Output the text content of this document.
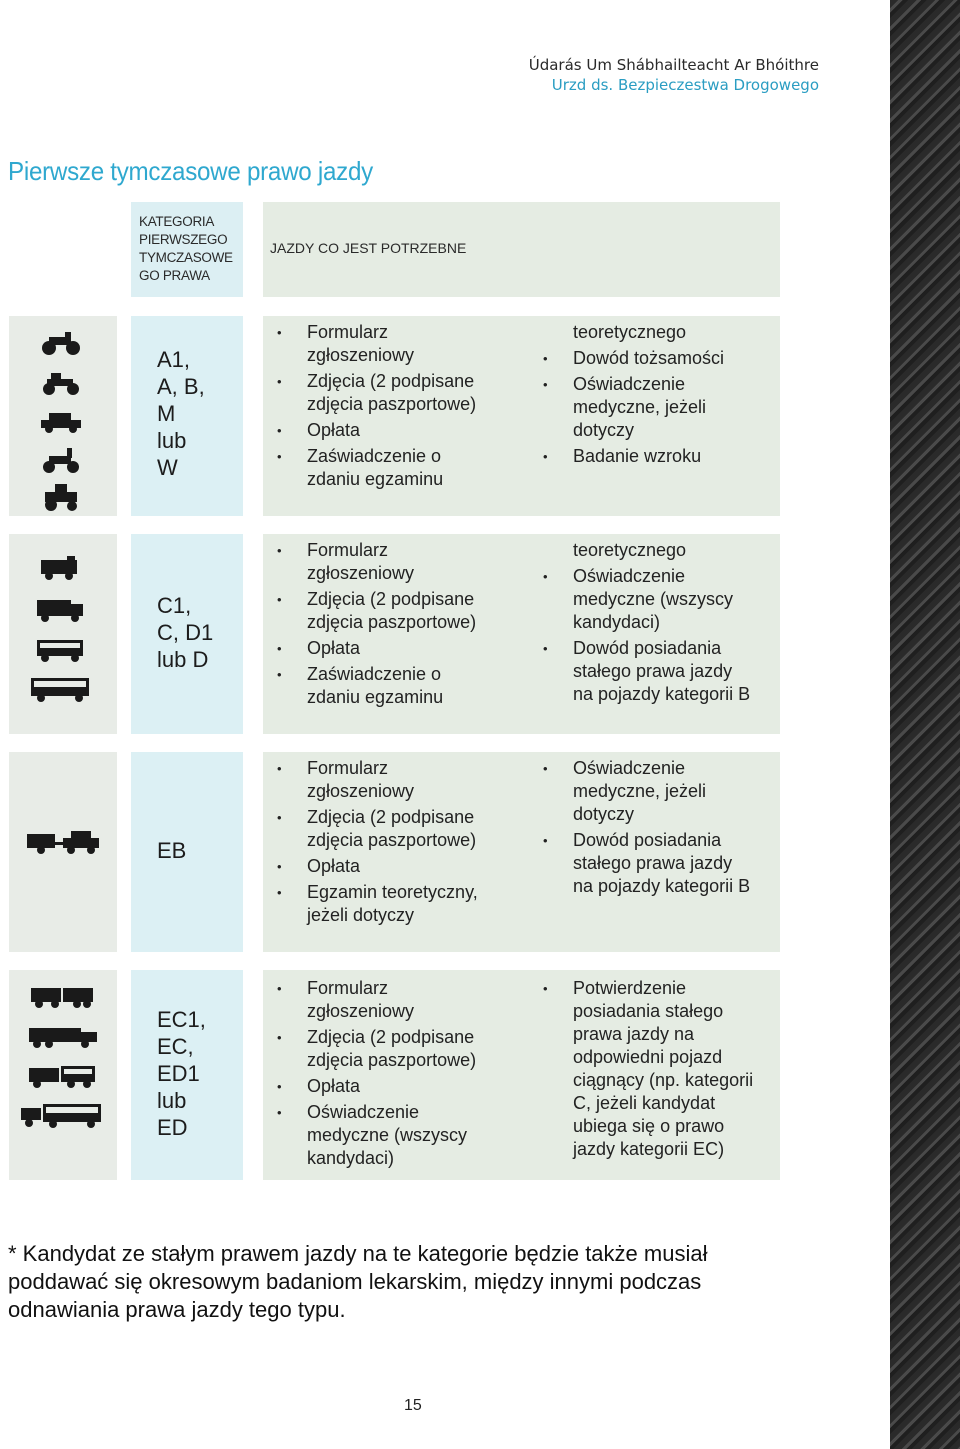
Údarás Um Shábhailteacht Ar Bhóithre
Urzd ds. Bezpieczestwa Drogowego
Pierwsze tymczasowe prawo jazdy
KATEGORIA PIERWSZEGO TYMCZASOWE GO PRAWA
JAZDY CO JEST POTRZEBNE
A1,
A, B,
M
lub
W
• Formularz
zgłoszeniowy
• Zdjęcia (2 podpisane
zdjęcia paszportowe)
• Opłata
• Zaświadczenie o
zdaniu egzaminu
teoretycznego
• Dowód tożsamości
• Oświadczenie
medyczne, jeżeli
dotyczy
• Badanie wzroku
C1,
C, D1
lub D
• Formularz
zgłoszeniowy
• Zdjęcia (2 podpisane
zdjęcia paszportowe)
• Opłata
• Zaświadczenie o
zdaniu egzaminu
teoretycznego
• Oświadczenie
medyczne (wszyscy
kandydaci)
• Dowód posiadania
stałego prawa jazdy
na pojazdy kategorii B
EB
• Formularz
zgłoszeniowy
• Zdjęcia (2 podpisane
zdjęcia paszportowe)
• Opłata
• Egzamin teoretyczny,
jeżeli dotyczy
• Oświadczenie
medyczne, jeżeli
dotyczy
• Dowód posiadania
stałego prawa jazdy
na pojazdy kategorii B
EC1,
EC,
ED1
lub
ED
• Formularz
zgłoszeniowy
• Zdjęcia (2 podpisane
zdjęcia paszportowe)
• Opłata
• Oświadczenie
medyczne (wszyscy
kandydaci)
• Potwierdzenie
posiadania stałego
prawa jazdy na
odpowiedni pojazd
ciągnący (np. kategorii
C, jeżeli kandydat
ubiega się o prawo
jazdy kategorii EC)
* Kandydat ze stałym prawem jazdy na te kategorie będzie także musiał poddawać się okresowym badaniom lekarskim, między innymi podczas odnawiania prawa jazdy tego typu.
15
